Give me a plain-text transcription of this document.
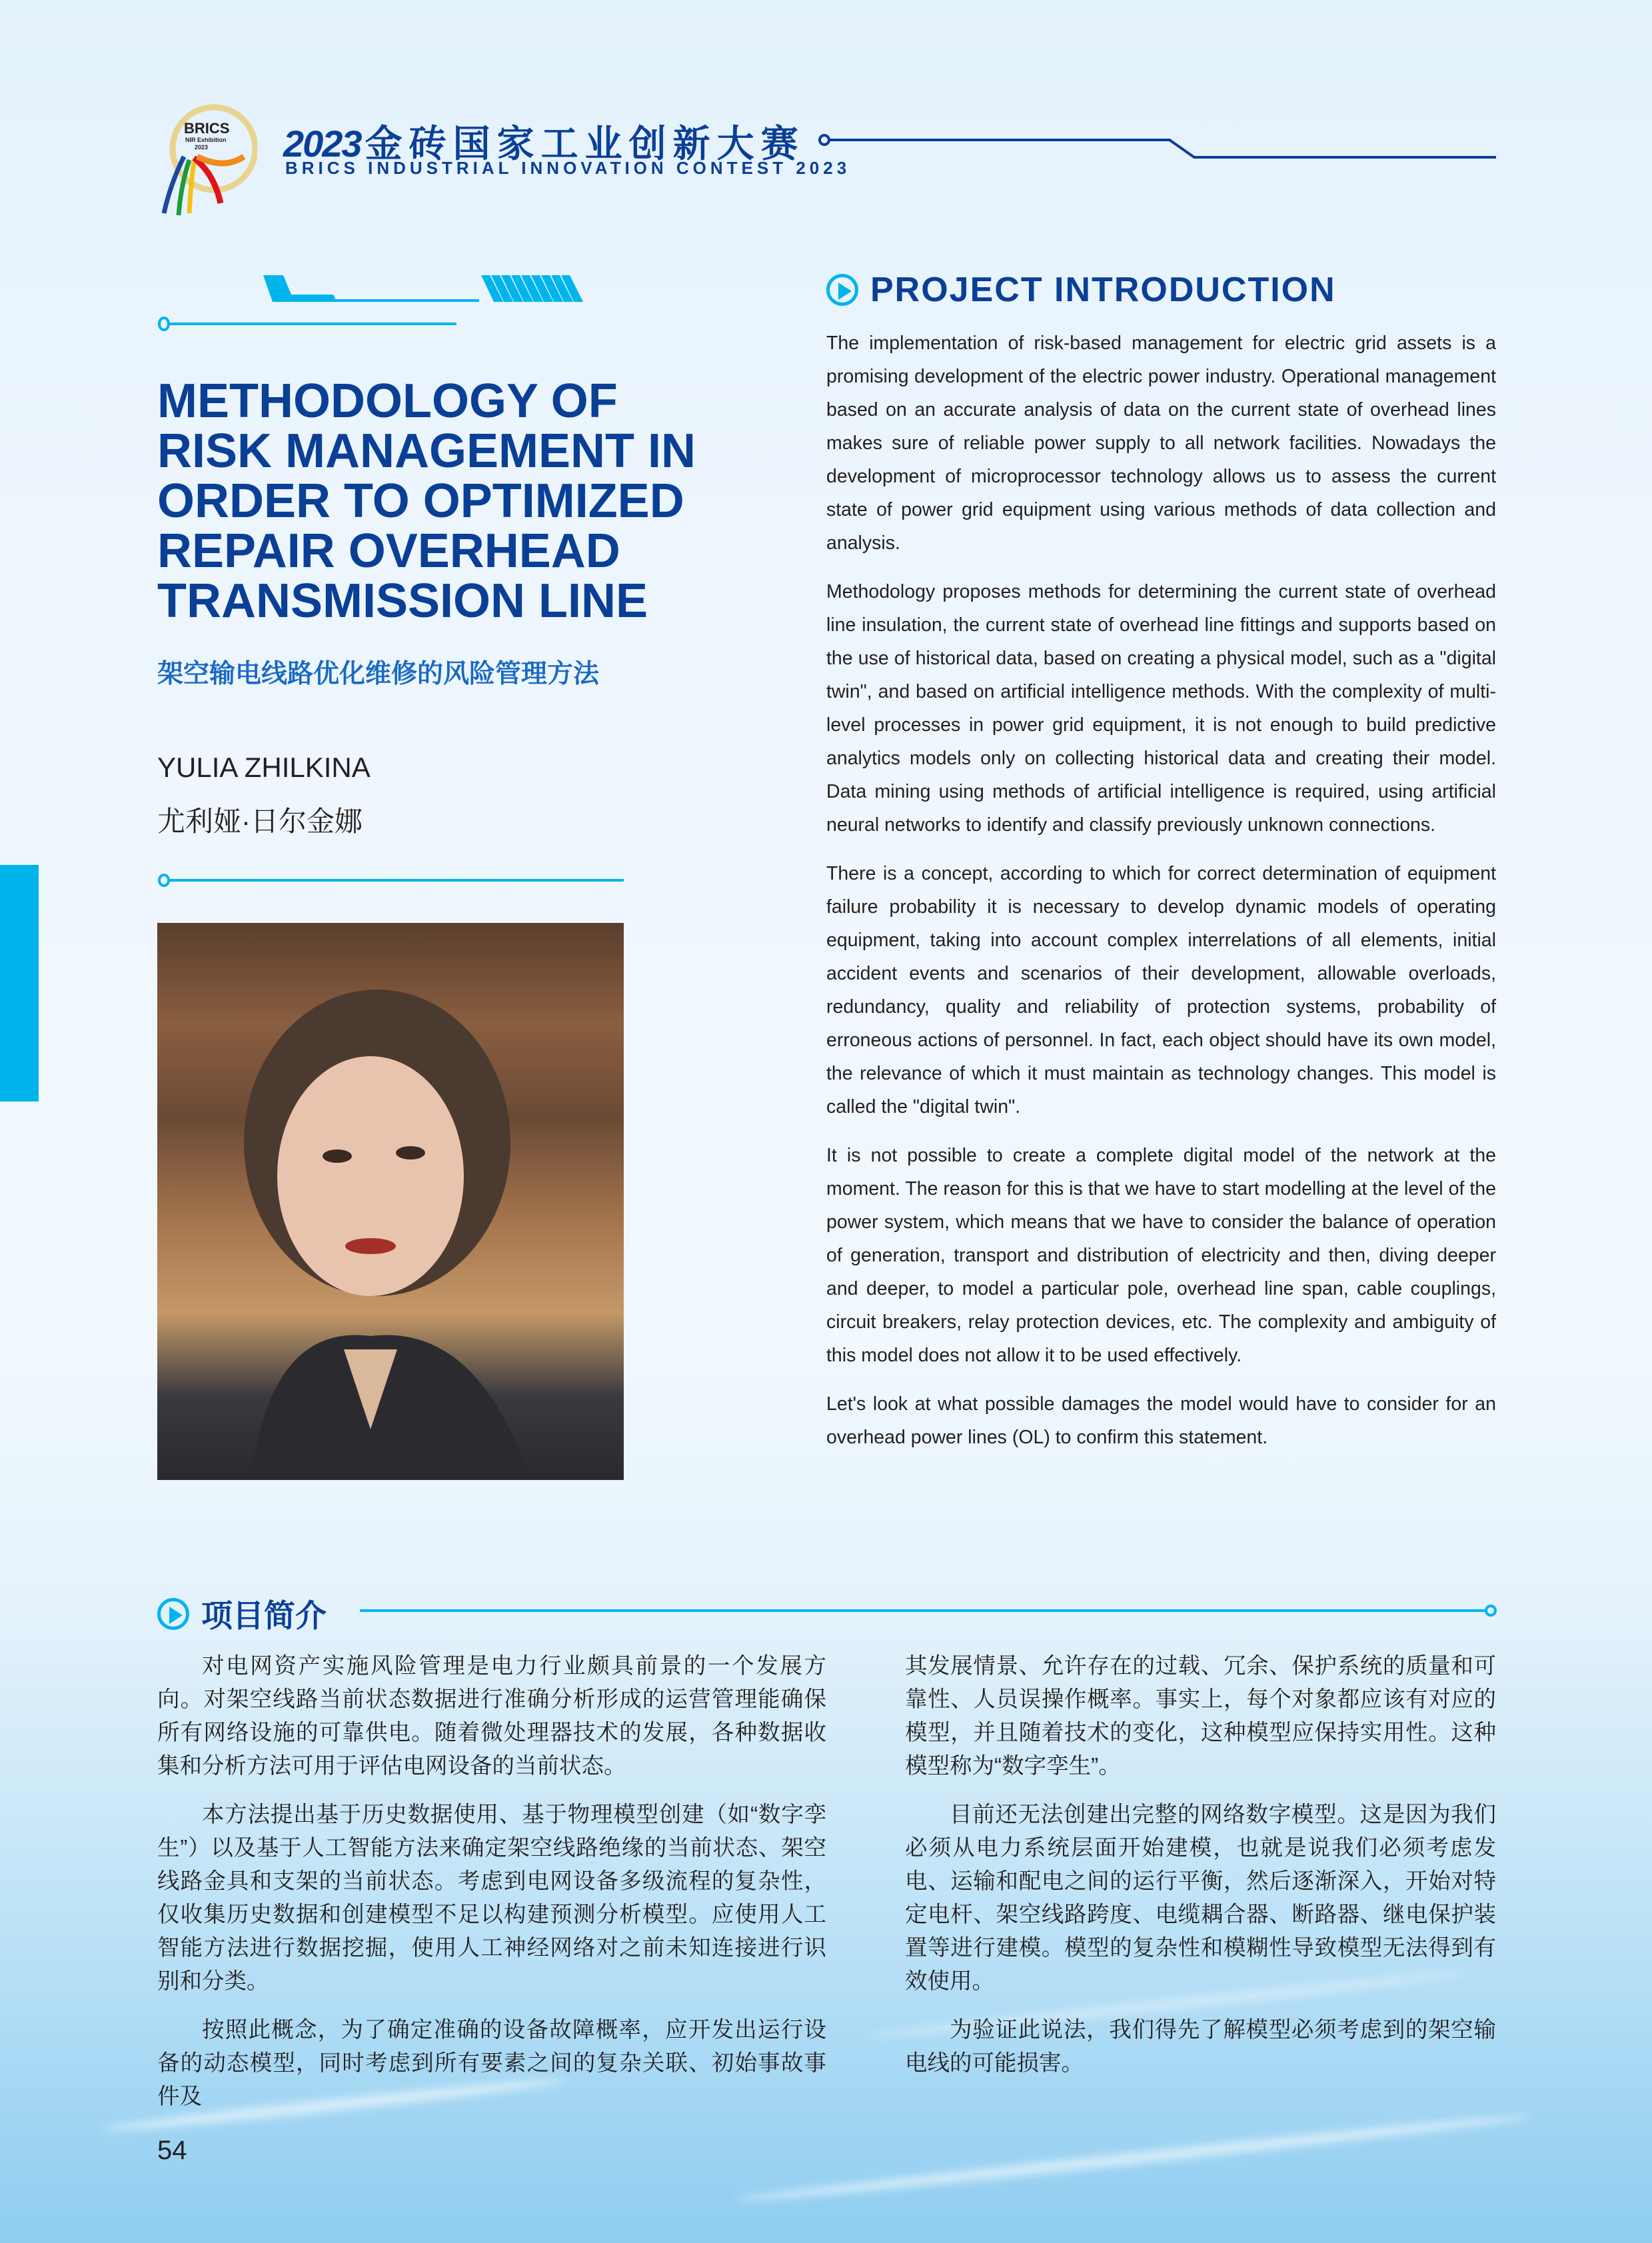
BRICS
NIR Exhibition
2023 2023 金砖国家工业创新大赛
BRICS INDUSTRIAL INNOVATION CONTEST 2023
METHODOLOGY OF RISK MANAGEMENT IN ORDER TO OPTIMIZED REPAIR OVERHEAD TRANSMISSION LINE
架空输电线路优化维修的风险管理方法
YULIA ZHILKINA
尤利娅·日尔金娜
PROJECT INTRODUCTION

The implementation of risk-based management for electric grid assets is a promising development of the electric power industry. Operational management based on an accurate analysis of data on the current state of overhead lines makes sure of reliable power supply to all network facilities. Nowadays the development of microprocessor technology allows us to assess the current state of power grid equipment using various methods of data collection and analysis.

Methodology proposes methods for determining the current state of overhead line insulation, the current state of overhead line fittings and supports based on the use of historical data, based on creating a physical model, such as a "digital twin", and based on artificial intelligence methods. With the complexity of multi-level processes in power grid equipment, it is not enough to build predictive analytics models only on collecting historical data and creating their model. Data mining using methods of artificial intelligence is required, using artificial neural networks to identify and classify previously unknown connections.

There is a concept, according to which for correct determination of equipment failure probability it is necessary to develop dynamic models of operating equipment, taking into account complex interrelations of all elements, initial accident events and scenarios of their development, allowable overloads, redundancy, quality and reliability of protection systems, probability of erroneous actions of personnel. In fact, each object should have its own model, the relevance of which it must maintain as technology changes. This model is called the "digital twin".

It is not possible to create a complete digital model of the network at the moment. The reason for this is that we have to start modelling at the level of the power system, which means that we have to consider the balance of operation of generation, transport and distribution of electricity and then, diving deeper and deeper, to model a particular pole, overhead line span, cable couplings, circuit breakers, relay protection devices, etc. The complexity and ambiguity of this model does not allow it to be used effectively.

Let's look at what possible damages the model would have to consider for an overhead power lines (OL) to confirm this statement.

项目简介

对电网资产实施风险管理是电力行业颇具前景的一个发展方向。对架空线路当前状态数据进行准确分析形成的运营管理能确保所有网络设施的可靠供电。随着微处理器技术的发展，各种数据收集和分析方法可用于评估电网设备的当前状态。

本方法提出基于历史数据使用、基于物理模型创建（如“数字孪生”）以及基于人工智能方法来确定架空线路绝缘的当前状态、架空线路金具和支架的当前状态。考虑到电网设备多级流程的复杂性，仅收集历史数据和创建模型不足以构建预测分析模型。应使用人工智能方法进行数据挖掘，使用人工神经网络对之前未知连接进行识别和分类。

按照此概念，为了确定准确的设备故障概率，应开发出运行设备的动态模型，同时考虑到所有要素之间的复杂关联、初始事故事件及

其发展情景、允许存在的过载、冗余、保护系统的质量和可靠性、人员误操作概率。事实上，每个对象都应该有对应的模型，并且随着技术的变化，这种模型应保持实用性。这种模型称为“数字孪生”。

目前还无法创建出完整的网络数字模型。这是因为我们必须从电力系统层面开始建模，也就是说我们必须考虑发电、运输和配电之间的运行平衡，然后逐渐深入，开始对特定电杆、架空线路跨度、电缆耦合器、断路器、继电保护装置等进行建模。模型的复杂性和模糊性导致模型无法得到有效使用。

为验证此说法，我们得先了解模型必须考虑到的架空输电线的可能损害。

54
